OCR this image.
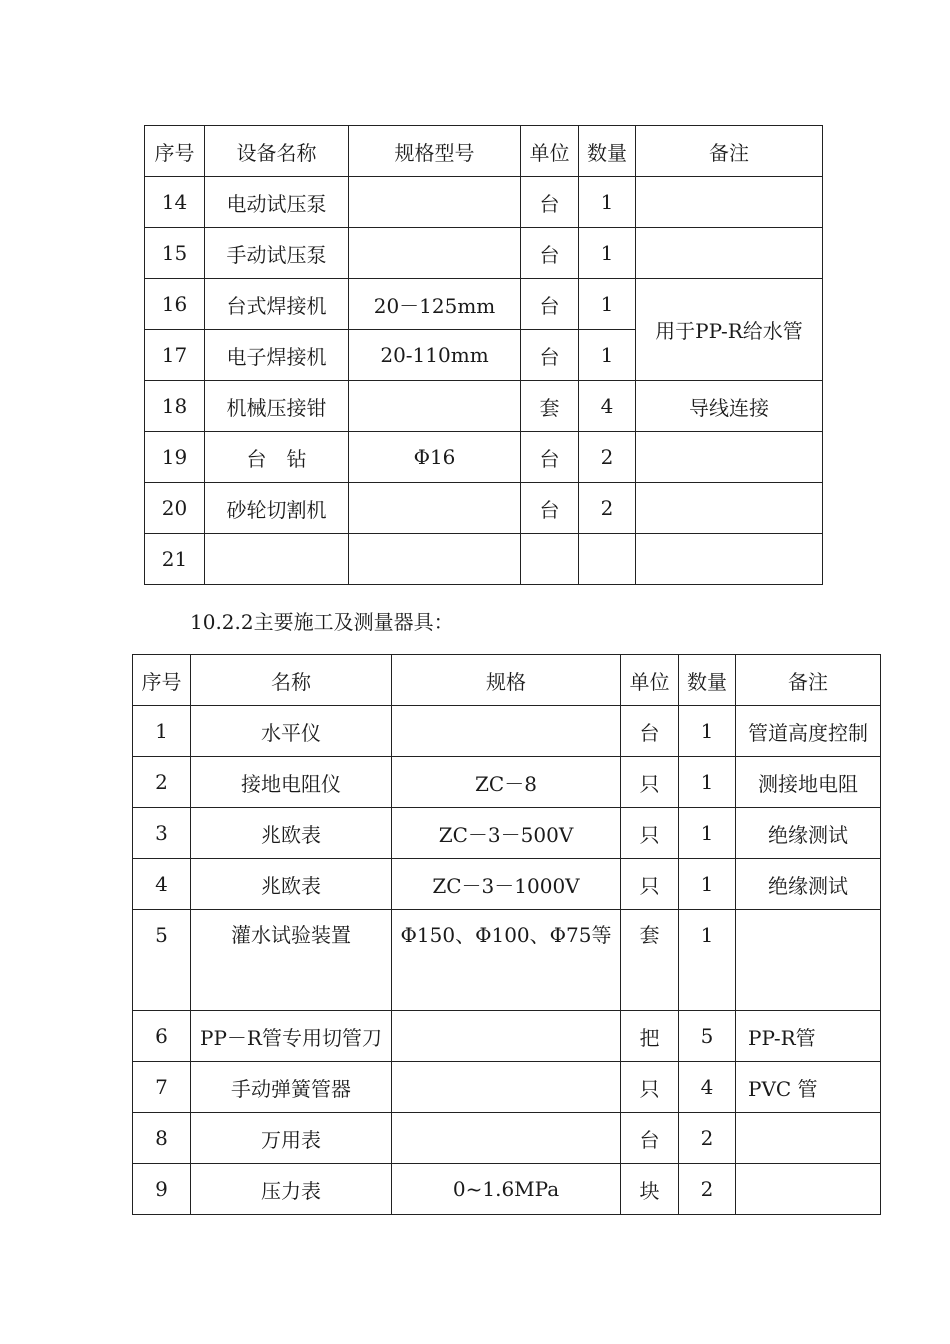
序号	设备名称	规格型号	单位	数量	备注
14	电动试压泵		台	1	
15	手动试压泵		台	1	
16	台式焊接机	20－125mm	台	1	用于PP-R给水管
17	电子焊接机	20-110mm	台	1	
18	机械压接钳		套	4	导线连接
19	台　钻	Φ16	台	2	
20	砂轮切割机		台	2	
21					
10.2.2主要施工及测量器具：
序号	名称	规格	单位	数量	备注
1	水平仪		台	1	管道高度控制
2	接地电阻仪	ZC－8	只	1	测接地电阻
3	兆欧表	ZC－3－500V	只	1	绝缘测试
4	兆欧表	ZC－3－1000V	只	1	绝缘测试
5	灌水试验装置	Φ150、Φ100、Φ75等	套	1	
6	PP－R管专用切管刀		把	5	PP-R管
7	手动弹簧管器		只	4	PVC 管
8	万用表		台	2	
9	压力表	0~1.6MPa	块	2	
